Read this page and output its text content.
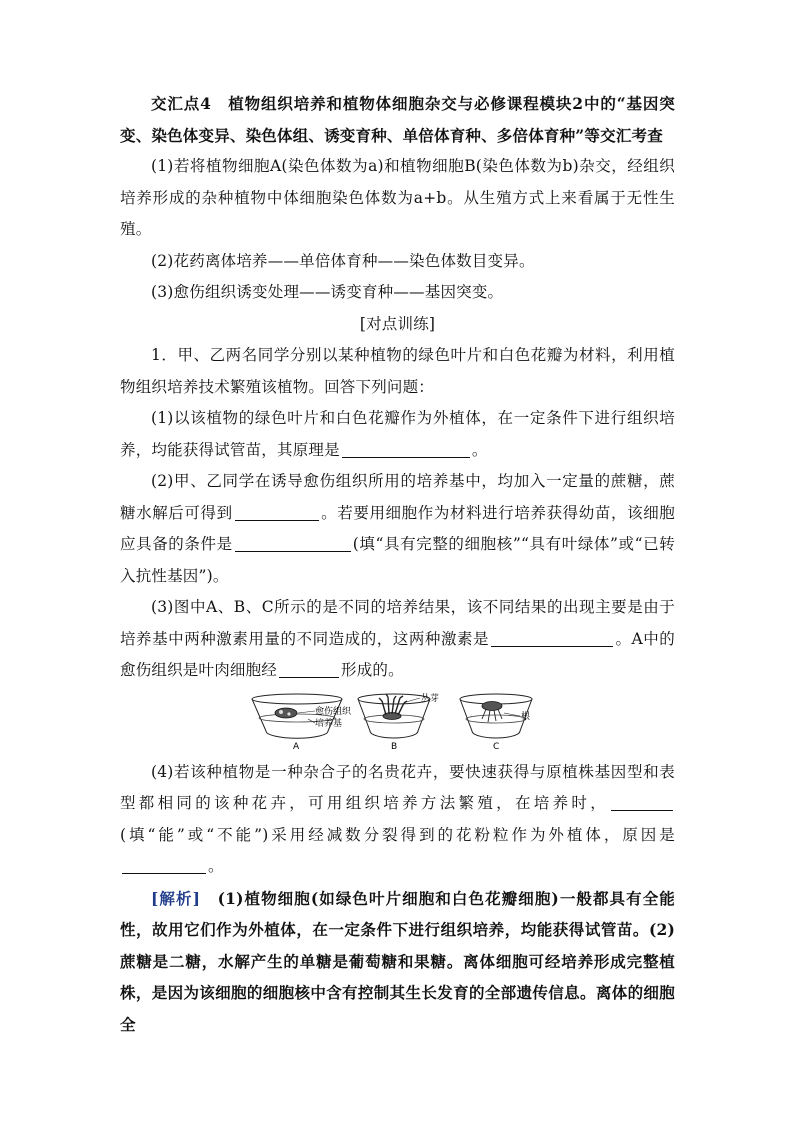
交汇点4　植物组织培养和植物体细胞杂交与必修课程模块2中的“基因突变、染色体变异、染色体组、诱变育种、单倍体育种、多倍体育种”等交汇考查

(1)若将植物细胞A(染色体数为a)和植物细胞B(染色体数为b)杂交，经组织培养形成的杂种植物中体细胞染色体数为a+b。从生殖方式上来看属于无性生殖。

(2)花药离体培养——单倍体育种——染色体数目变异。

(3)愈伤组织诱变处理——诱变育种——基因突变。

[对点训练]

1．甲、乙两名同学分别以某种植物的绿色叶片和白色花瓣为材料，利用植物组织培养技术繁殖该植物。回答下列问题：

(1)以该植物的绿色叶片和白色花瓣作为外植体，在一定条件下进行组织培养，均能获得试管苗，其原理是	。

(2)甲、乙同学在诱导愈伤组织所用的培养基中，均加入一定量的蔗糖，蔗糖水解后可得到	。若要用细胞作为材料进行培养获得幼苗，该细胞应具备的条件是	(填“具有完整的细胞核”“具有叶绿体”或“已转入抗性基因”)。

(3)图中A、B、C所示的是不同的培养结果，该不同结果的出现主要是由于培养基中两种激素用量的不同造成的，这两种激素是	。A中的愈伤组织是叶肉细胞经	形成的。

愈伤组织
培养基
A
丛芽
B
根
C

(4)若该种植物是一种杂合子的名贵花卉，要快速获得与原植株基因型和表型都相同的该种花卉，可用组织培养方法繁殖，在培养时，(填“能”或“不能”)采用经减数分裂得到的花粉粒作为外植体，原因是。

[解析]　(1)植物细胞(如绿色叶片细胞和白色花瓣细胞)一般都具有全能性，故用它们作为外植体，在一定条件下进行组织培养，均能获得试管苗。(2)蔗糖是二糖，水解产生的单糖是葡萄糖和果糖。离体细胞可经培养形成完整植株，是因为该细胞的细胞核中含有控制其生长发育的全部遗传信息。离体的细胞全
